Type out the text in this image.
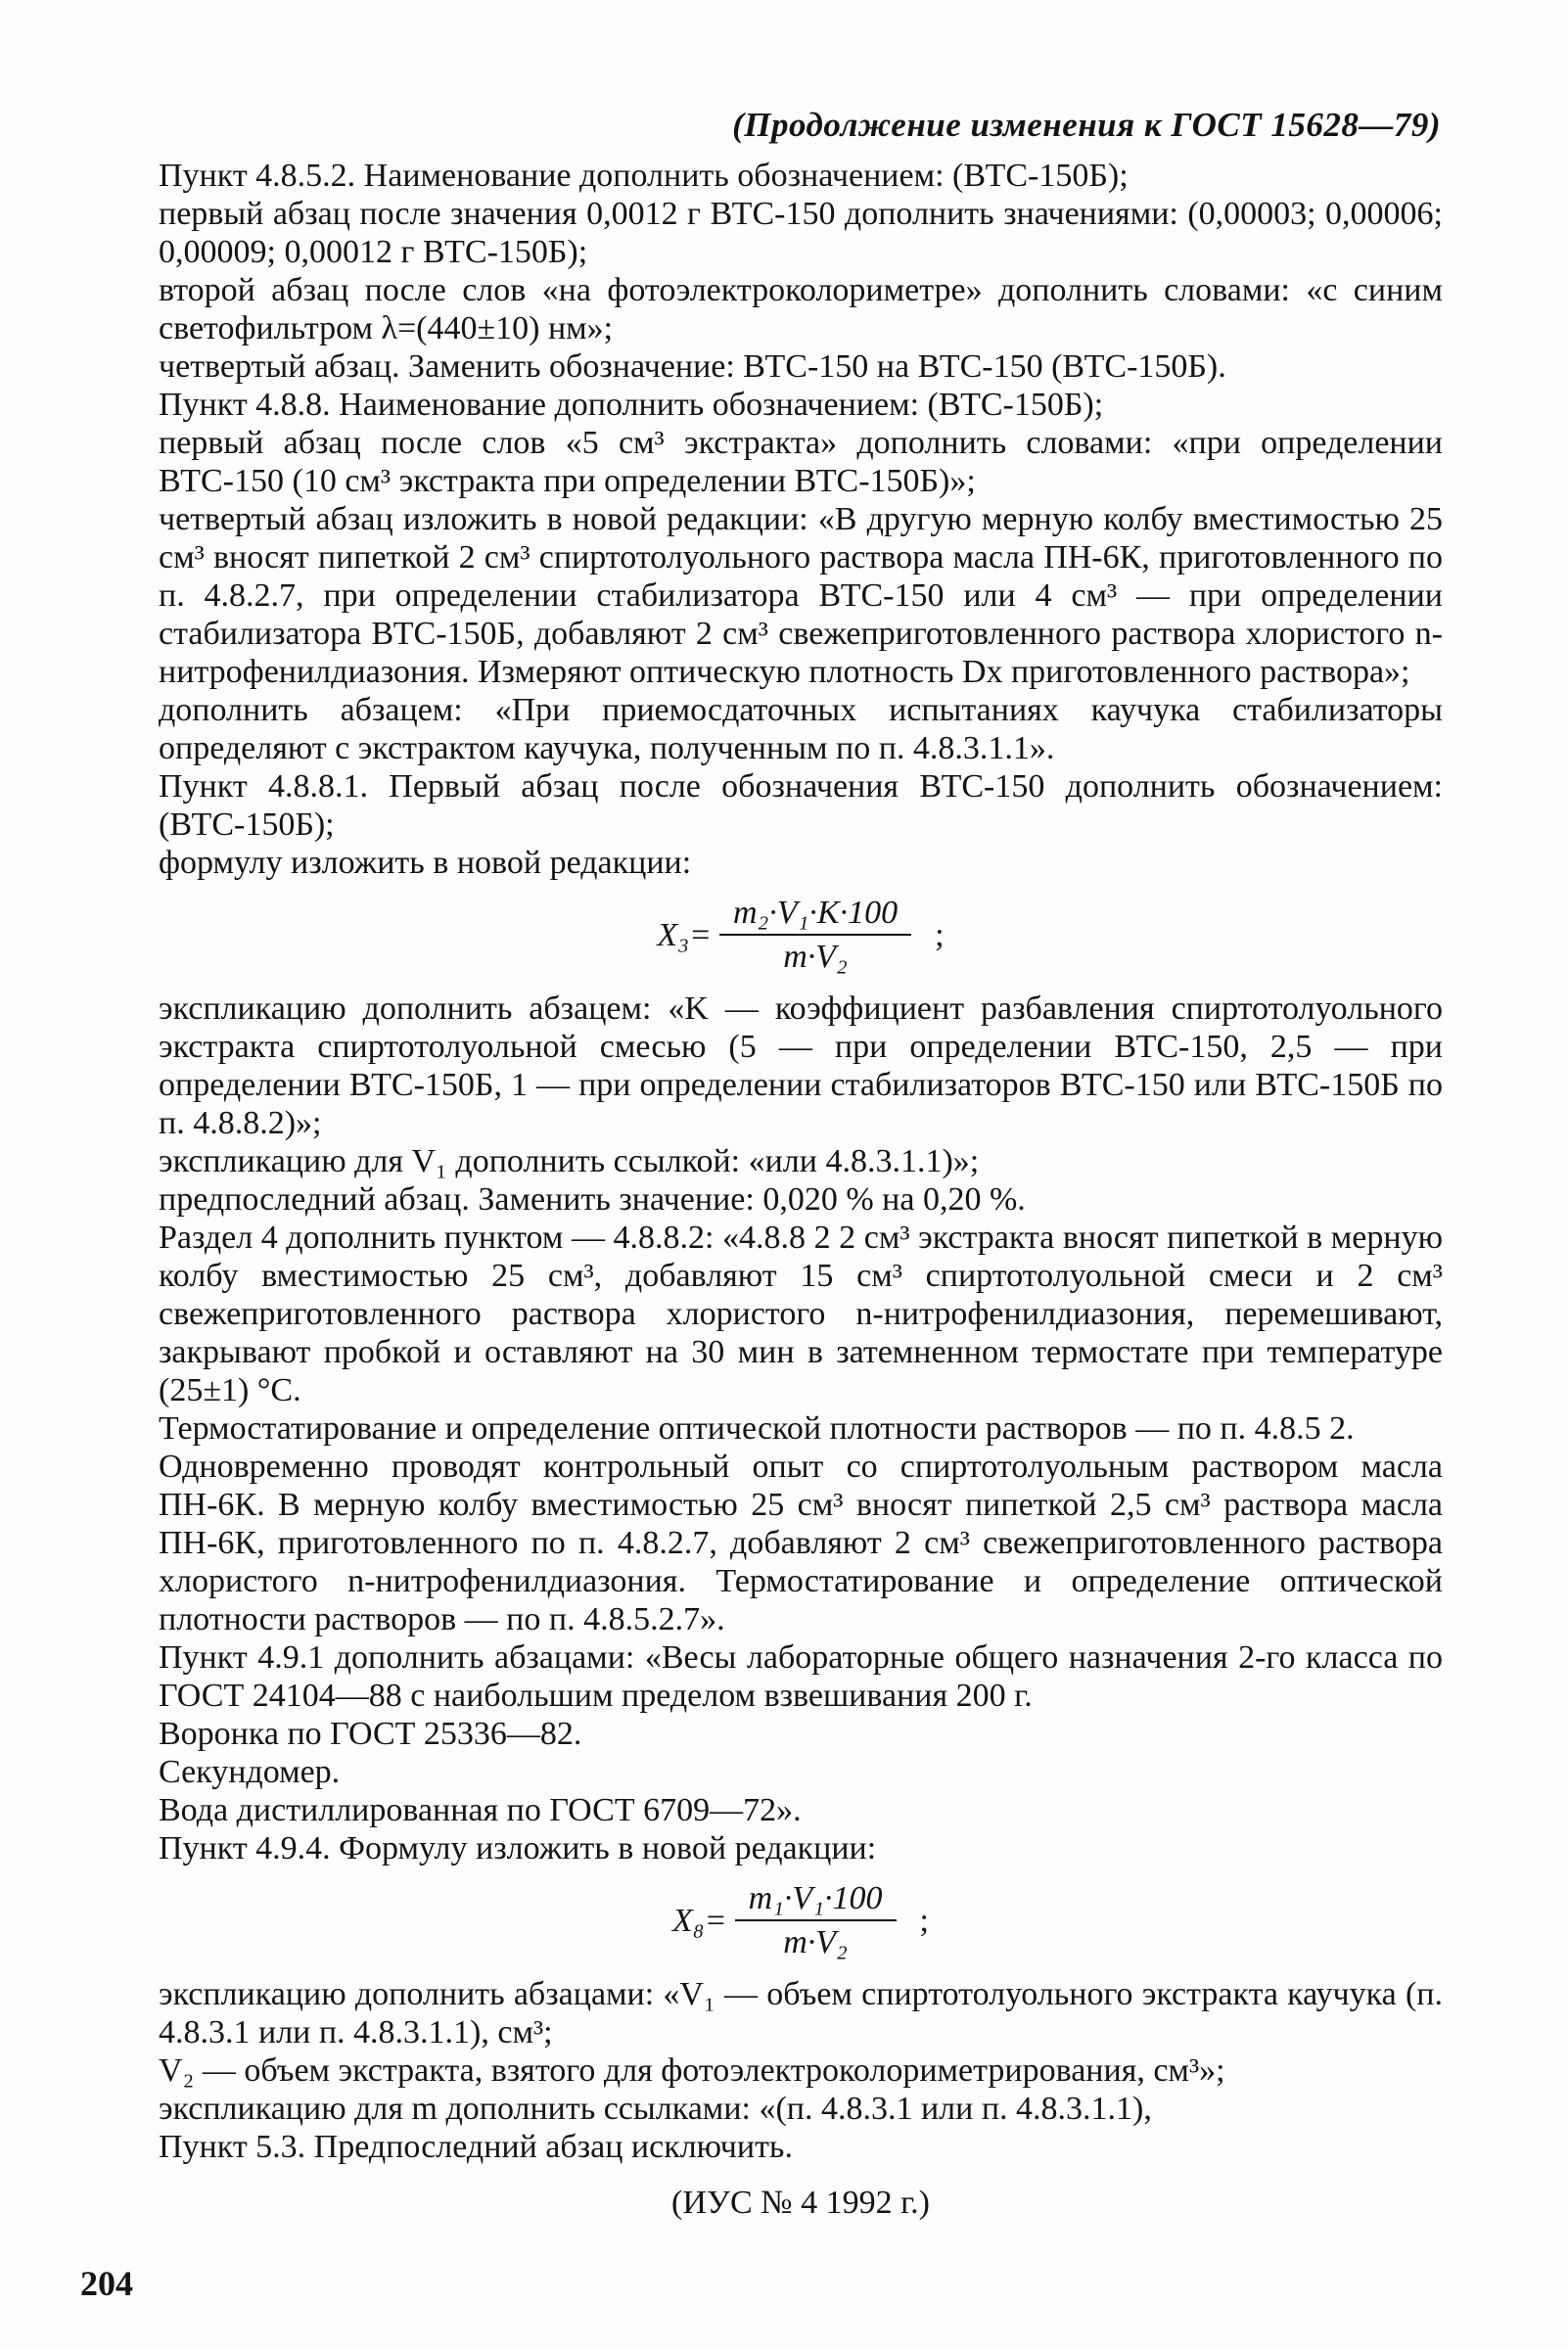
(Продолжение изменения к ГОСТ 15628—79)

Пункт 4.8.5.2. Наименование дополнить обозначением: (ВТС-150Б);

первый абзац после значения 0,0012 г ВТС-150 дополнить значениями: (0,00003; 0,00006; 0,00009; 0,00012 г ВТС-150Б);

второй абзац после слов «на фотоэлектроколориметре» дополнить словами: «с синим светофильтром λ=(440±10) нм»;

четвертый абзац. Заменить обозначение: ВТС-150 на ВТС-150 (ВТС-150Б).

Пункт 4.8.8. Наименование дополнить обозначением: (ВТС-150Б);

первый абзац после слов «5 см³ экстракта» дополнить словами: «при определении ВТС-150 (10 см³ экстракта при определении ВТС-150Б)»;

четвертый абзац изложить в новой редакции: «В другую мерную колбу вместимостью 25 см³ вносят пипеткой 2 см³ спиртотолуольного раствора масла ПН-6К, приготовленного по п. 4.8.2.7, при определении стабилизатора ВТС-150 или 4 см³ — при определении стабилизатора ВТС-150Б, добавляют 2 см³ свежеприготовленного раствора хлористого n-нитрофенилдиазония. Измеряют оптическую плотность Dх приготовленного раствора»;

дополнить абзацем: «При приемосдаточных испытаниях каучука стабилизаторы определяют с экстрактом каучука, полученным по п. 4.8.3.1.1».

Пункт 4.8.8.1. Первый абзац после обозначения ВТС-150 дополнить обозначением: (ВТС-150Б);

формулу изложить в новой редакции:

$X_3= \frac{\text{m₂·V₁·K·100}}{\text{m·V₂}}$ ;

экспликацию дополнить абзацем: «K — коэффициент разбавления спиртотолуольного экстракта спиртотолуольной смесью (5 — при определении ВТС-150, 2,5 — при определении ВТС-150Б, 1 — при определении стабилизаторов ВТС-150 или ВТС-150Б по п. 4.8.8.2)»;

экспликацию для V₁ дополнить ссылкой: «или 4.8.3.1.1)»;

предпоследний абзац. Заменить значение: 0,020 % на 0,20 %.

Раздел 4 дополнить пунктом — 4.8.8.2: «4.8.8 2 2 см³ экстракта вносят пипеткой в мерную колбу вместимостью 25 см³, добавляют 15 см³ спиртотолуольной смеси и 2 см³ свежеприготовленного раствора хлористого n-нитрофенилдиазония, перемешивают, закрывают пробкой и оставляют на 30 мин в затемненном термостате при температуре (25±1) °С.

Термостатирование и определение оптической плотности растворов — по п. 4.8.5 2.

Одновременно проводят контрольный опыт со спиртотолуольным раствором масла ПН-6К. В мерную колбу вместимостью 25 см³ вносят пипеткой 2,5 см³ раствора масла ПН-6К, приготовленного по п. 4.8.2.7, добавляют 2 см³ свежеприготовленного раствора хлористого n-нитрофенилдиазония. Термостатирование и определение оптической плотности растворов — по п. 4.8.5.2.7».

Пункт 4.9.1 дополнить абзацами: «Весы лабораторные общего назначения 2-го класса по ГОСТ 24104—88 с наибольшим пределом взвешивания 200 г.

Воронка по ГОСТ 25336—82.

Секундомер.

Вода дистиллированная по ГОСТ 6709—72».

Пункт 4.9.4. Формулу изложить в новой редакции:

$X_8= \frac{\text{m₁·V₁·100}}{\text{m·V₂}}$ ;

экспликацию дополнить абзацами: «V₁ — объем спиртотолуольного экстракта каучука (п. 4.8.3.1 или п. 4.8.3.1.1), см³;

V₂ — объем экстракта, взятого для фотоэлектроколориметрирования, см³»;

экспликацию для m дополнить ссылками: «(п. 4.8.3.1 или п. 4.8.3.1.1),

Пункт 5.3. Предпоследний абзац исключить.

(ИУС № 4 1992 г.)

204
